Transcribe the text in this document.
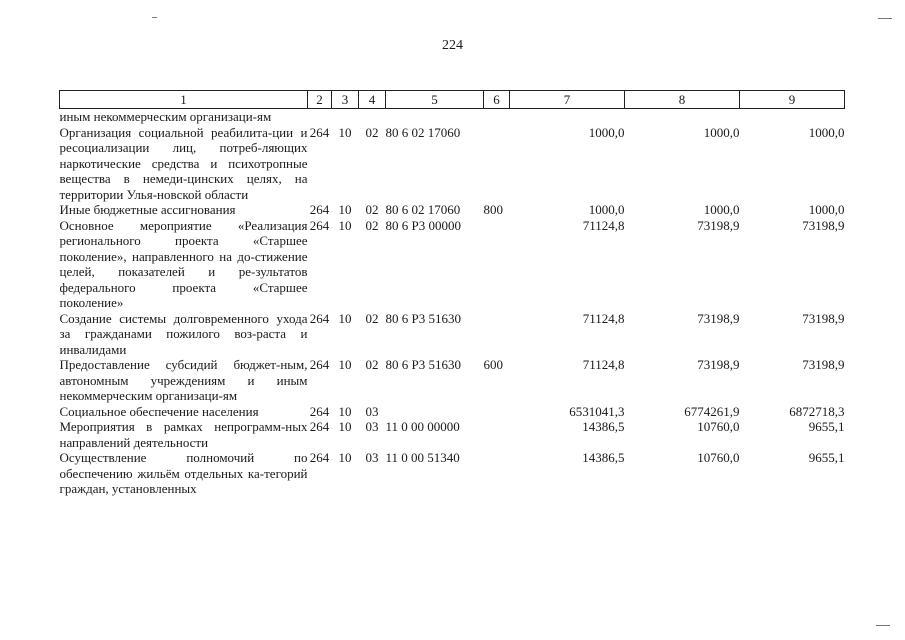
224
1	2	3	4	5	6	7	8	9
иным некоммерческим организаци-ям								
Организация социальной реабилита-ции и ресоциализации лиц, потреб-ляющих наркотические средства и психотропные вещества в немеди-цинских целях, на территории Улья-новской области	264	10	02	80 6 02 17060		1000,0	1000,0	1000,0
Иные бюджетные ассигнования	264	10	02	80 6 02 17060	800	1000,0	1000,0	1000,0
Основное мероприятие «Реализация регионального проекта «Старшее поколение», направленного на до-стижение целей, показателей и ре-зультатов федерального проекта «Старшее поколение»	264	10	02	80 6 P3 00000		71124,8	73198,9	73198,9
Создание системы долговременного ухода за гражданами пожилого воз-раста и инвалидами	264	10	02	80 6 P3 51630		71124,8	73198,9	73198,9
Предоставление субсидий бюджет-ным, автономным учреждениям и иным некоммерческим организаци-ям	264	10	02	80 6 P3 51630	600	71124,8	73198,9	73198,9
Социальное обеспечение населения	264	10	03			6531041,3	6774261,9	6872718,3
Мероприятия в рамках непрограмм-ных направлений деятельности	264	10	03	11 0 00 00000		14386,5	10760,0	9655,1
Осуществление полномочий по обеспечению жильём отдельных ка-тегорий граждан, установленных	264	10	03	11 0 00 51340		14386,5	10760,0	9655,1
